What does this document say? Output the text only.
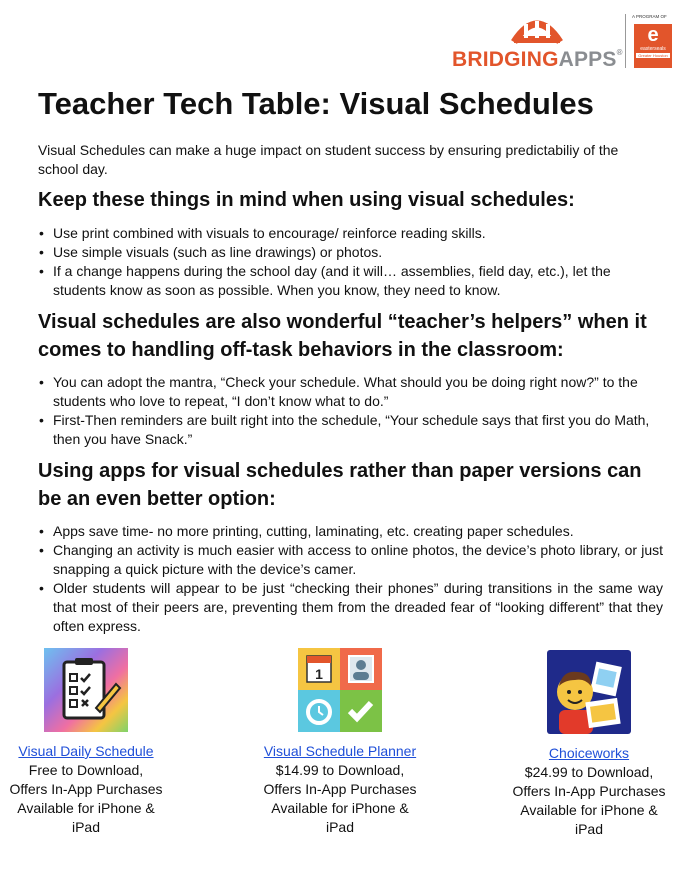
BRIDGINGAPPS®
A PROGRAM OF
e
easterseals
Greater Houston
Teacher Tech Table: Visual Schedules

Visual Schedules can make a huge impact on student success by ensuring predictabiliy of the school day.

Keep these things in mind when using visual schedules:
• Use print combined with visuals to encourage/ reinforce reading skills.
• Use simple visuals (such as line drawings) or photos.
• If a change happens during the school day (and it will… assemblies, field day, etc.), let the students know as soon as possible. When you know, they need to know.
Visual schedules are also wonderful “teacher’s helpers” when it comes to handling off-task behaviors in the classroom:
• You can adopt the mantra, “Check your schedule. What should you be doing right now?” to the students who love to repeat, “I don’t know what to do.”
• First-Then reminders are built right into the schedule, “Your schedule says that first you do Math, then you have Snack.”
Using apps for visual schedules rather than paper versions can be an even better option:
• Apps save time- no more printing, cutting, laminating, etc. creating paper schedules.
• Changing an activity is much easier with access to online photos, the device’s photo library, or just snapping a quick picture with the device’s camer.
• Older students will appear to be just “checking their phones” during transitions in the same way that most of their peers are, preventing them from the dreaded fear of “looking different” that they often express.
Visual Daily Schedule
Free to Download,
Offers In-App Purchases
Available for iPhone &
iPad
1
Visual Schedule Planner
$14.99 to Download,
Offers In-App Purchases
Available for iPhone &
iPad
Choiceworks
$24.99 to Download,
Offers In-App Purchases
Available for iPhone &
iPad
